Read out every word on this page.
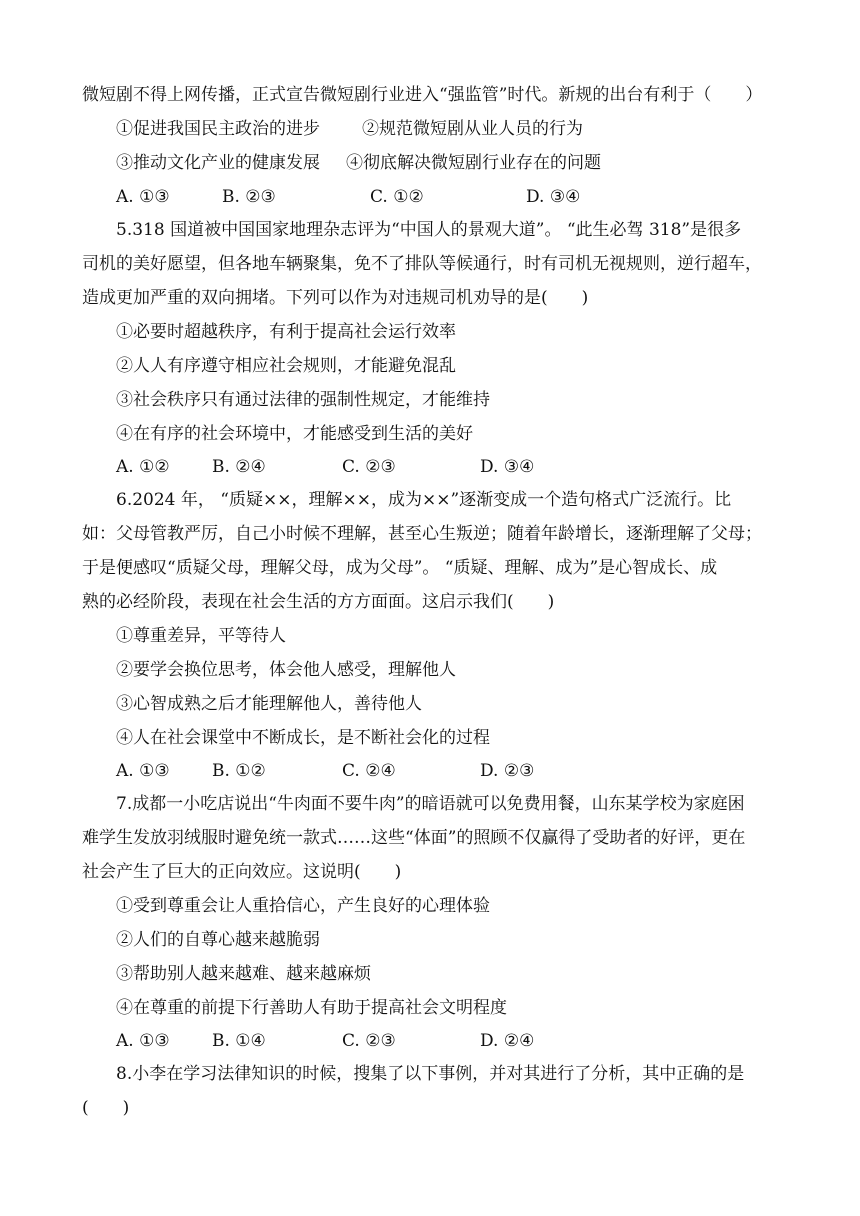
微短剧不得上网传播，正式宣告微短剧行业进入“强监管”时代。新规的出台有利于（　　）
①促进我国民主政治的进步 ②规范微短剧从业人员的行为
③推动文化产业的健康发展 ④彻底解决微短剧行业存在的问题
A. ①③	B. ②③	C. ①②	D. ③④
5.318 国道被中国国家地理杂志评为“中国人的景观大道”。 “此生必驾 318”是很多
司机的美好愿望，但各地车辆聚集，免不了排队等候通行，时有司机无视规则，逆行超车，
造成更加严重的双向拥堵。下列可以作为对违规司机劝导的是(　　)
①必要时超越秩序，有利于提高社会运行效率
②人人有序遵守相应社会规则，才能避免混乱
③社会秩序只有通过法律的强制性规定，才能维持
④在有序的社会环境中，才能感受到生活的美好
A. ①② B. ②④	C. ②③	D. ③④
6.2024 年， “质疑××，理解××，成为××”逐渐变成一个造句格式广泛流行。比
如：父母管教严厉，自己小时候不理解，甚至心生叛逆；随着年龄增长，逐渐理解了父母；
于是便感叹“质疑父母，理解父母，成为父母”。 “质疑、理解、成为”是心智成长、成
熟的必经阶段，表现在社会生活的方方面面。这启示我们(　　)
①尊重差异，平等待人
②要学会换位思考，体会他人感受，理解他人
③心智成熟之后才能理解他人，善待他人
④人在社会课堂中不断成长，是不断社会化的过程
A. ①③ B. ①②	C. ②④	D. ②③
7.成都一小吃店说出“牛肉面不要牛肉”的暗语就可以免费用餐，山东某学校为家庭困
难学生发放羽绒服时避免统一款式……这些“体面”的照顾不仅赢得了受助者的好评，更在
社会产生了巨大的正向效应。这说明(　　)
①受到尊重会让人重拾信心，产生良好的心理体验
②人们的自尊心越来越脆弱
③帮助别人越来越难、越来越麻烦
④在尊重的前提下行善助人有助于提高社会文明程度
A. ①③ B. ①④	C. ②③	D. ②④
8.小李在学习法律知识的时候，搜集了以下事例，并对其进行了分析，其中正确的是
(　　)
